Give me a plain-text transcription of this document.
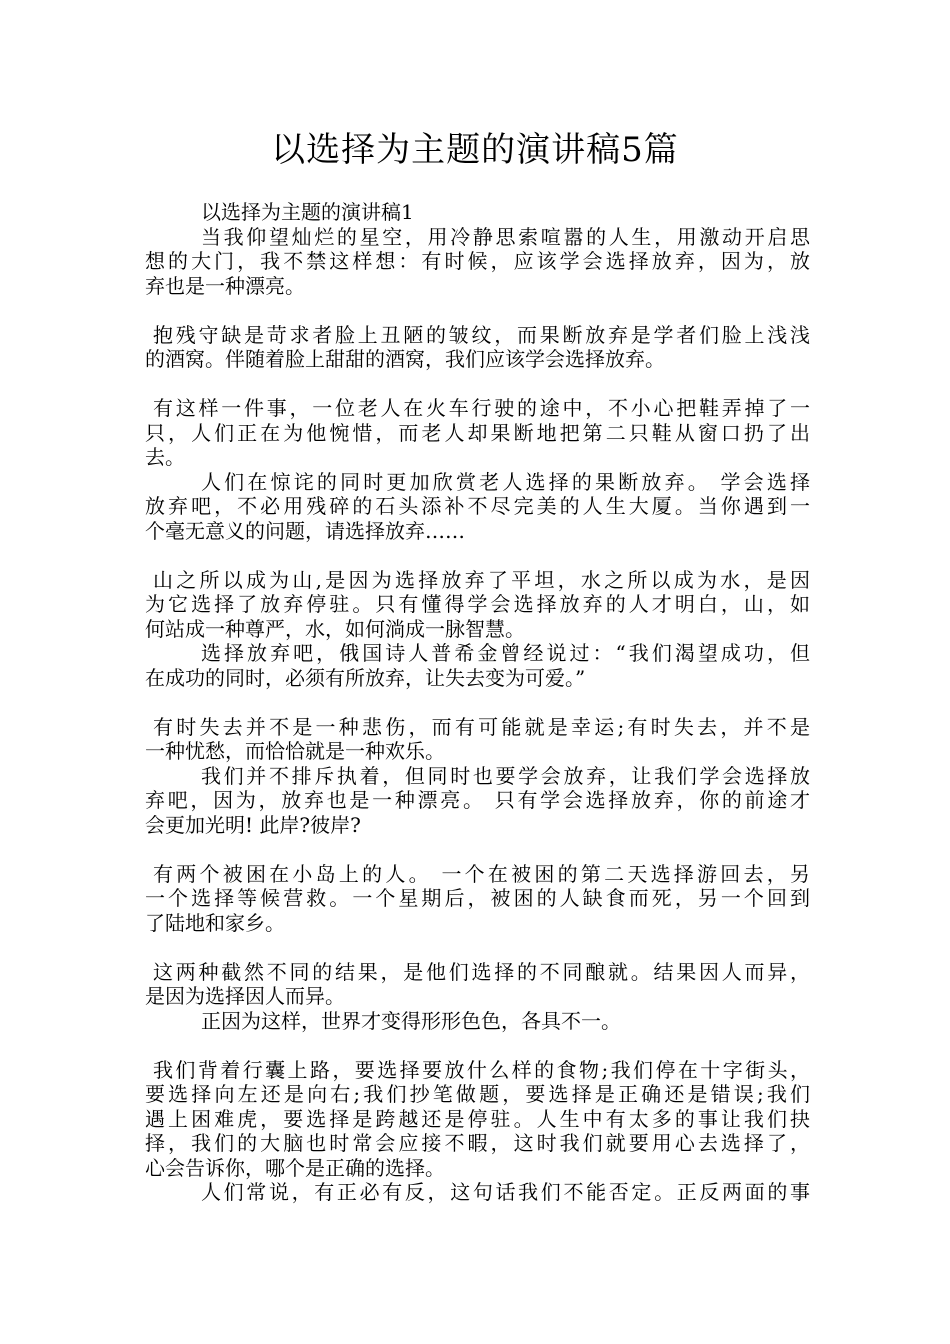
以选择为主题的演讲稿5篇
以选择为主题的演讲稿1
当我仰望灿烂的星空，用冷静思索喧嚣的人生，用激动开启思
想的大门，我不禁这样想：有时候，应该学会选择放弃，因为，放
弃也是一种漂亮。
抱残守缺是苛求者脸上丑陋的皱纹，而果断放弃是学者们脸上浅浅
的酒窝。伴随着脸上甜甜的酒窝，我们应该学会选择放弃。
有这样一件事，一位老人在火车行驶的途中，不小心把鞋弄掉了一
只，人们正在为他惋惜，而老人却果断地把第二只鞋从窗口扔了出
去。
人们在惊诧的同时更加欣赏老人选择的果断放弃。 学会选择
放弃吧，不必用残碎的石头添补不尽完美的人生大厦。当你遇到一
个毫无意义的问题，请选择放弃……
山之所以成为山,是因为选择放弃了平坦，水之所以成为水，是因
为它选择了放弃停驻。只有懂得学会选择放弃的人才明白，山，如
何站成一种尊严，水，如何淌成一脉智慧。
选择放弃吧，俄国诗人普希金曾经说过：“我们渴望成功，但
在成功的同时，必须有所放弃，让失去变为可爱。”
有时失去并不是一种悲伤，而有可能就是幸运;有时失去，并不是
一种忧愁，而恰恰就是一种欢乐。
我们并不排斥执着，但同时也要学会放弃，让我们学会选择放
弃吧，因为，放弃也是一种漂亮。 只有学会选择放弃，你的前途才
会更加光明! 此岸?彼岸?
有两个被困在小岛上的人。 一个在被困的第二天选择游回去，另
一个选择等候营救。一个星期后，被困的人缺食而死，另一个回到
了陆地和家乡。
这两种截然不同的结果，是他们选择的不同酿就。结果因人而异，
是因为选择因人而异。
正因为这样，世界才变得形形色色，各具不一。
我们背着行囊上路，要选择要放什么样的食物;我们停在十字街头，
要选择向左还是向右;我们抄笔做题，要选择是正确还是错误;我们
遇上困难虎，要选择是跨越还是停驻。人生中有太多的事让我们抉
择，我们的大脑也时常会应接不暇，这时我们就要用心去选择了，
心会告诉你，哪个是正确的选择。
人们常说，有正必有反，这句话我们不能否定。正反两面的事
